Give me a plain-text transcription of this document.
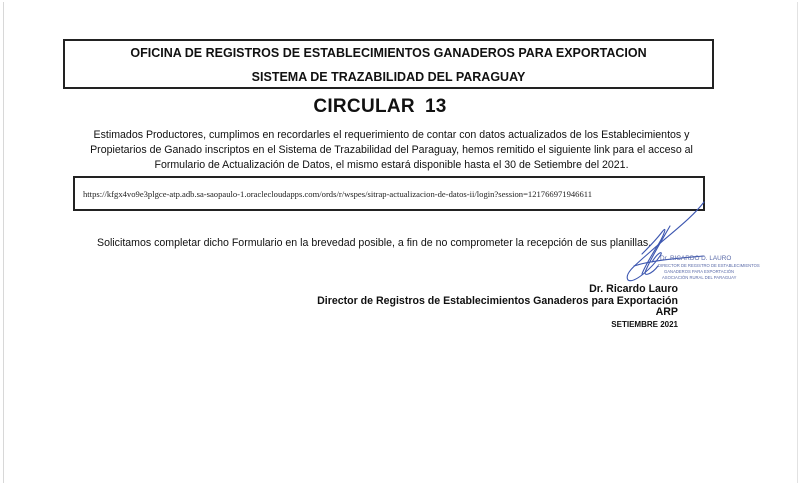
OFICINA DE REGISTROS DE ESTABLECIMIENTOS GANADEROS PARA EXPORTACION
SISTEMA DE TRAZABILIDAD DEL PARAGUAY
CIRCULAR 13
Estimados Productores, cumplimos en recordarles el requerimiento de contar con datos actualizados de los Establecimientos y
Propietarios de Ganado inscriptos en el Sistema de Trazabilidad del Paraguay, hemos remitido el siguiente link para el acceso al
Formulario de Actualización de Datos, el mismo estará disponible hasta el 30 de Setiembre del 2021.
https://kfgx4vo9e3plgce-atp.adb.sa-saopaulo-1.oraclecloudapps.com/ords/r/wspes/sitrap-actualizacion-de-datos-ii/login?session=121766971946611
Solicitamos completar dicho Formulario en la brevedad posible, a fin de no comprometer la recepción de sus planillas.
Dr. RICARDO D. LAURO
DIRECTOR DE REGISTRO DE ESTABLECIMIENTOS
GANADEROS PARA EXPORTACIÓN
ASOCIACIÓN RURAL DEL PARAGUAY
Dr. Ricardo Lauro
Director de Registros de Establecimientos Ganaderos para Exportación
ARP
SETIEMBRE 2021
